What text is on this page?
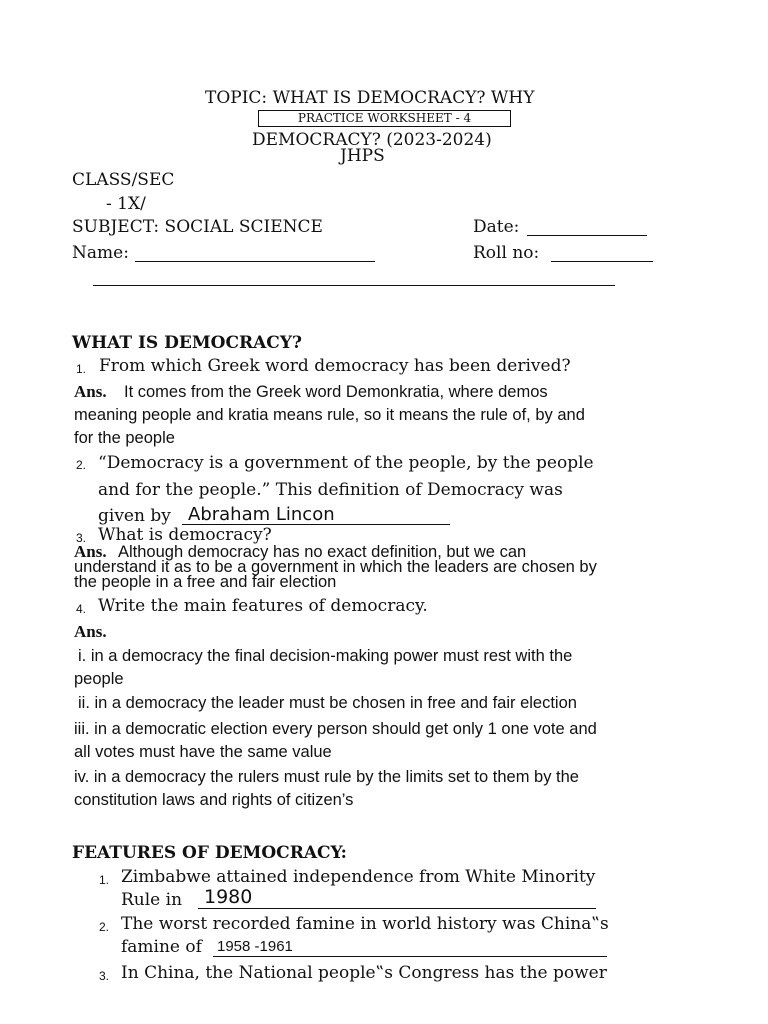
TOPIC: WHAT IS DEMOCRACY? WHY
PRACTICE WORKSHEET - 4
DEMOCRACY? (2023-2024)
JHPS
CLASS/SEC
- 1X/
SUBJECT: SOCIAL SCIENCE	Date:
Name:	Roll no:
WHAT IS DEMOCRACY?
1. From which Greek word democracy has been derived?
Ans. It comes from the Greek word Demonkratia, where demos
meaning people and kratia means rule, so it means the rule of, by and
for the people
2. “Democracy is a government of the people, by the people
and for the people.” This definition of Democracy was
given by Abraham Lincon
3. What is democracy?
Ans. Although democracy has no exact definition, but we can
understand it as to be a government in which the leaders are chosen by
the people in a free and fair election
4. Write the main features of democracy.
Ans.
i. in a democracy the final decision-making power must rest with the
people
ii. in a democracy the leader must be chosen in free and fair election
iii. in a democratic election every person should get only 1 one vote and
all votes must have the same value
iv. in a democracy the rulers must rule by the limits set to them by the
constitution laws and rights of citizen’s
FEATURES OF DEMOCRACY:
1. Zimbabwe attained independence from White Minority
Rule in 1980
2. The worst recorded famine in world history was China‟s
famine of 1958 -1961
3. In China, the National people‟s Congress has the power
